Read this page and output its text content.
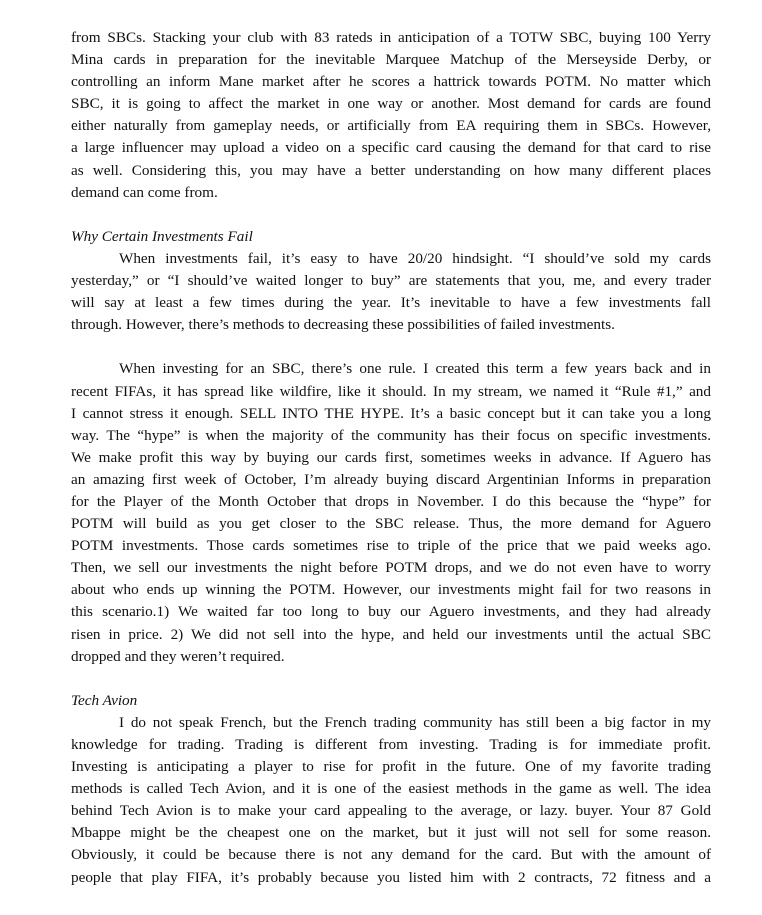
from SBCs. Stacking your club with 83 rateds in anticipation of a TOTW SBC, buying 100 Yerry
Mina cards in preparation for the inevitable Marquee Matchup of the Merseyside Derby, or
controlling an inform Mane market after he scores a hattrick towards POTM. No matter which
SBC, it is going to affect the market in one way or another. Most demand for cards are found
either naturally from gameplay needs, or artificially from EA requiring them in SBCs. However,
a large influencer may upload a video on a specific card causing the demand for that card to rise
as well. Considering this, you may have a better understanding on how many different places
demand can come from.
Why Certain Investments Fail
When investments fail, it’s easy to have 20/20 hindsight. “I should’ve sold my cards
yesterday,” or “I should’ve waited longer to buy” are statements that you, me, and every trader
will say at least a few times during the year. It’s inevitable to have a few investments fall
through. However, there’s methods to decreasing these possibilities of failed investments.
When investing for an SBC, there’s one rule. I created this term a few years back and in
recent FIFAs, it has spread like wildfire, like it should. In my stream, we named it “Rule #1,” and
I cannot stress it enough. SELL INTO THE HYPE. It’s a basic concept but it can take you a long
way. The “hype” is when the majority of the community has their focus on specific investments.
We make profit this way by buying our cards first, sometimes weeks in advance. If Aguero has
an amazing first week of October, I’m already buying discard Argentinian Informs in preparation
for the Player of the Month October that drops in November. I do this because the “hype” for
POTM will build as you get closer to the SBC release. Thus, the more demand for Aguero
POTM investments. Those cards sometimes rise to triple of the price that we paid weeks ago.
Then, we sell our investments the night before POTM drops, and we do not even have to worry
about who ends up winning the POTM. However, our investments might fail for two reasons in
this scenario.1) We waited far too long to buy our Aguero investments, and they had already
risen in price. 2) We did not sell into the hype, and held our investments until the actual SBC
dropped and they weren’t required.
Tech Avion
I do not speak French, but the French trading community has still been a big factor in my
knowledge for trading. Trading is different from investing. Trading is for immediate profit.
Investing is anticipating a player to rise for profit in the future. One of my favorite trading
methods is called Tech Avion, and it is one of the easiest methods in the game as well. The idea
behind Tech Avion is to make your card appealing to the average, or lazy. buyer. Your 87 Gold
Mbappe might be the cheapest one on the market, but it just will not sell for some reason.
Obviously, it could be because there is not any demand for the card. But with the amount of
people that play FIFA, it’s probably because you listed him with 2 contracts, 72 fitness and a
